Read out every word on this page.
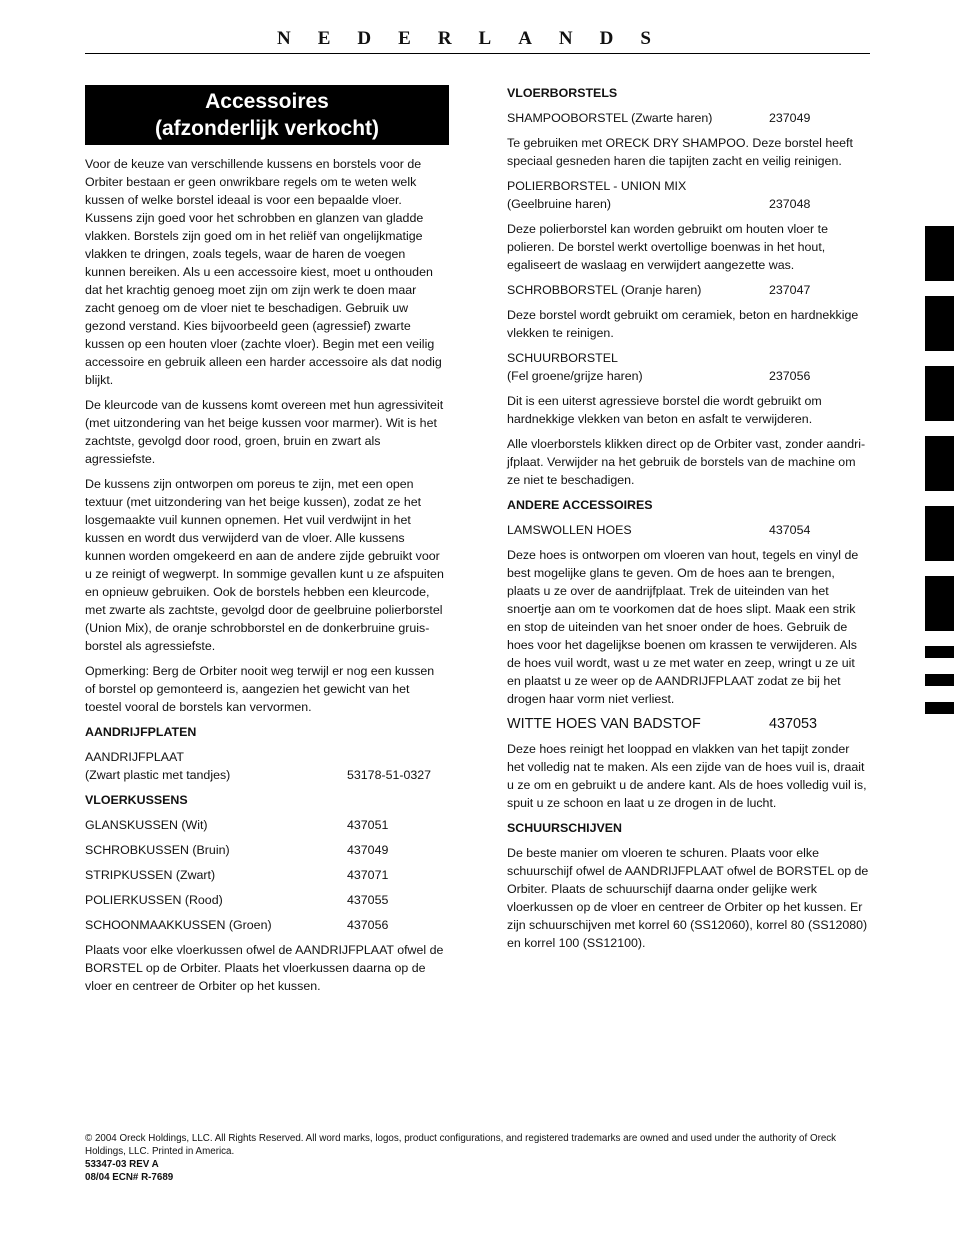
NEDERLANDS
Accessoires
(afzonderlijk verkocht)

Voor de keuze van verschillende kussens en borstels voor de Orbiter bestaan er geen onwrikbare regels om te weten welk kussen of welke borstel ideaal is voor een bepaalde vloer. Kussens zijn goed voor het schrobben en glanzen van gladde vlakken. Borstels zijn goed om in het reliëf van ongelijkmatige vlakken te dringen, zoals tegels, waar de haren de voegen kunnen bereiken. Als u een accessoire kiest, moet u onthouden dat het krachtig genoeg moet zijn om zijn werk te doen maar zacht genoeg om de vloer niet te beschadigen. Gebruik uw gezond verstand. Kies bijvoorbeeld geen (agressief) zwarte kussen op een houten vloer (zachte vloer). Begin met een veilig accessoire en gebruik alleen een harder accessoire als dat nodig blijkt.

De kleurcode van de kussens komt overeen met hun agressiviteit (met uitzondering van het beige kussen voor marmer). Wit is het zachtste, gevolgd door rood, groen, bruin en zwart als agressiefste.

De kussens zijn ontworpen om poreus te zijn, met een open textuur (met uitzondering van het beige kussen), zodat ze het losgemaakte vuil kunnen opnemen. Het vuil verdwijnt in het kussen en wordt dus verwijderd van de vloer. Alle kussens kunnen worden omgekeerd en aan de andere zijde gebruikt voor u ze reinigt of wegwerpt. In sommige gevallen kunt u ze afspuiten en opnieuw gebruiken. Ook de borstels hebben een kleurcode, met zwarte als zachtste, gevolgd door de geelbruine polierborstel (Union Mix), de oranje schrobborstel en de donkerbruine gruis-borstel als agressiefste.

Opmerking: Berg de Orbiter nooit weg terwijl er nog een kussen of borstel op gemonteerd is, aangezien het gewicht van het toestel vooral de borstels kan vervormen.

AANDRIJFPLATEN
AANDRIJFPLAAT
(Zwart plastic met tandjes)	53178-51-0327
VLOERKUSSENS
GLANSKUSSEN (Wit)	437051
SCHROBKUSSEN (Bruin)	437049
STRIPKUSSEN (Zwart)	437071
POLIERKUSSEN (Rood)	437055
SCHOONMAAKKUSSEN (Groen)	437056

Plaats voor elke vloerkussen ofwel de AANDRIJFPLAAT ofwel de BORSTEL op de Orbiter. Plaats het vloerkussen daarna op de vloer en centreer de Orbiter op het kussen.

VLOERBORSTELS
SHAMPOOBORSTEL (Zwarte haren)	237049

Te gebruiken met ORECK DRY SHAMPOO. Deze borstel heeft speciaal gesneden haren die tapijten zacht en veilig reinigen.

POLIERBORSTEL - UNION MIX
(Geelbruine haren)	237048

Deze polierborstel kan worden gebruikt om houten vloer te polieren. De borstel werkt overtollige boenwas in het hout, egaliseert de waslaag en verwijdert aangezette was.

SCHROBBORSTEL (Oranje haren)	237047

Deze borstel wordt gebruikt om ceramiek, beton en hardnekkige vlekken te reinigen.

SCHUURBORSTEL
(Fel groene/grijze haren)	237056

Dit is een uiterst agressieve borstel die wordt gebruikt om hardnekkige vlekken van beton en asfalt te verwijderen.

Alle vloerborstels klikken direct op de Orbiter vast, zonder aandri-jfplaat. Verwijder na het gebruik de borstels van de machine om ze niet te beschadigen.

ANDERE ACCESSOIRES
LAMSWOLLEN HOES	437054

Deze hoes is ontworpen om vloeren van hout, tegels en vinyl de best mogelijke glans te geven. Om de hoes aan te brengen, plaats u ze over de aandrijfplaat. Trek de uiteinden van het snoertje aan om te voorkomen dat de hoes slipt. Maak een strik en stop de uiteinden van het snoer onder de hoes. Gebruik de hoes voor het dagelijkse boenen om krassen te verwijderen. Als de hoes vuil wordt, wast u ze met water en zeep, wringt u ze uit en plaatst u ze weer op de AANDRIJFPLAAT zodat ze bij het drogen haar vorm niet verliest.

WITTE HOES VAN BADSTOF	437053

Deze hoes reinigt het looppad en vlakken van het tapijt zonder het volledig nat te maken. Als een zijde van de hoes vuil is, draait u ze om en gebruikt u de andere kant. Als de hoes volledig vuil is, spuit u ze schoon en laat u ze drogen in de lucht.

SCHUURSCHIJVEN

De beste manier om vloeren te schuren. Plaats voor elke schuurschijf ofwel de AANDRIJFPLAAT ofwel de BORSTEL op de Orbiter. Plaats de schuurschijf daarna onder gelijke werk vloerkussen op de vloer en centreer de Orbiter op het kussen. Er zijn schuurschijven met korrel 60 (SS12060), korrel 80 (SS12080) en korrel 100 (SS12100).

© 2004 Oreck Holdings, LLC. All Rights Reserved. All word marks, logos, product configurations, and registered trademarks are owned and used under the authority of Oreck Holdings, LLC. Printed in America.
53347-03 REV A
08/04 ECN# R-7689
